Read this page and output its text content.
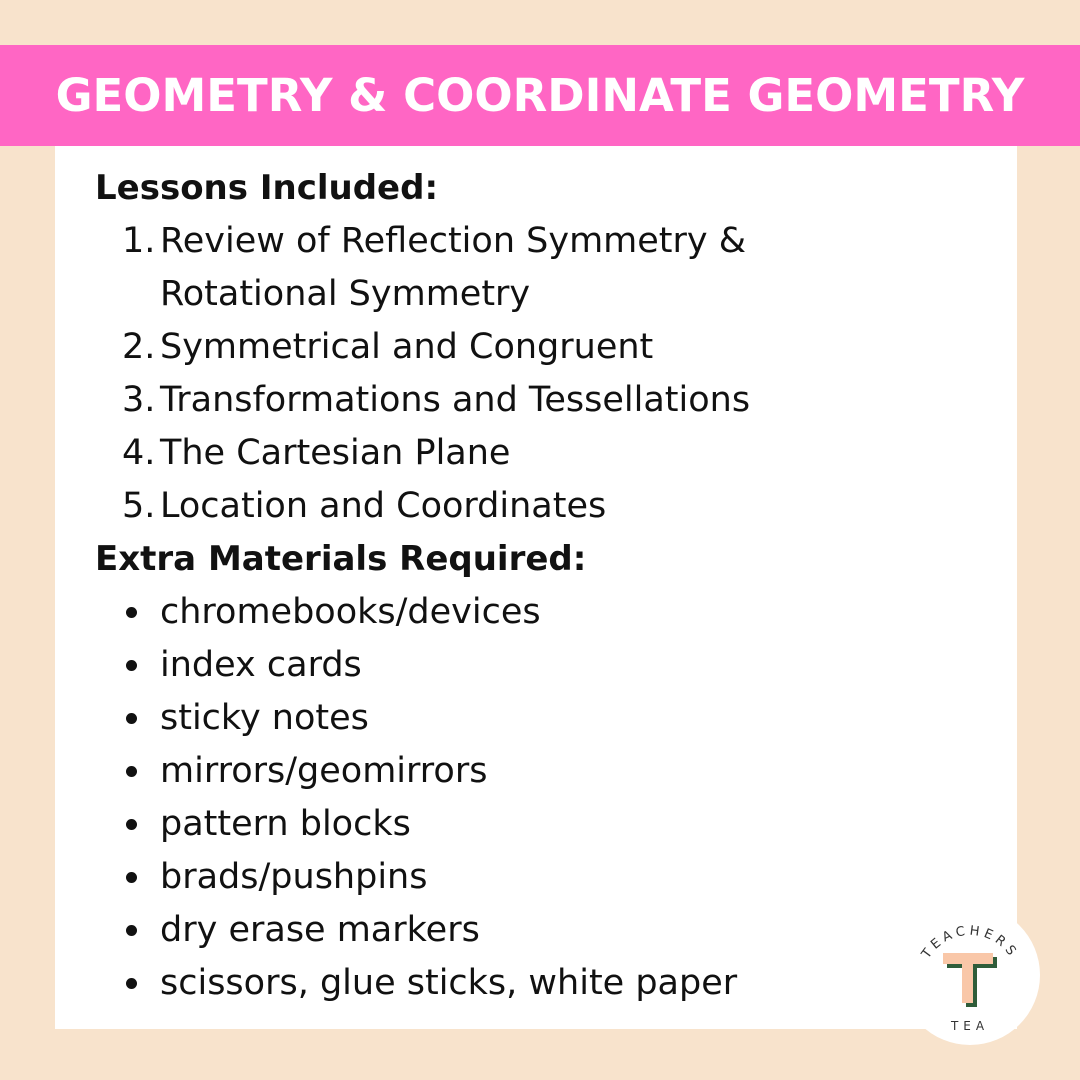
GEOMETRY & COORDINATE GEOMETRY

Lessons Included:

1. Review of Reflection Symmetry &
Rotational Symmetry
2. Symmetrical and Congruent
3. Transformations and Tessellations
4. The Cartesian Plane
5. Location and Coordinates

Extra Materials Required:

chromebooks/devices
index cards
sticky notes
mirrors/geomirrors
pattern blocks
brads/pushpins
dry erase markers
scissors, glue sticks, white paper
TEACHERS
TEA
